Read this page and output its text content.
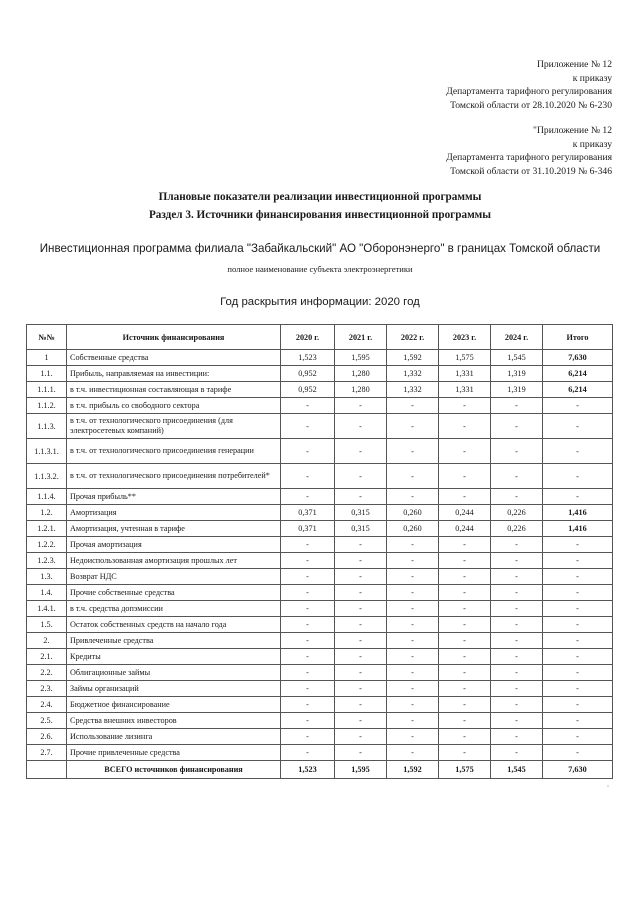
Приложение № 12
к приказу
Департамента тарифного регулирования
Томской области от 28.10.2020 № 6-230
"Приложение № 12
к приказу
Департамента тарифного регулирования
Томской области от 31.10.2019 № 6-346
Плановые показатели реализации инвестиционной программы
Раздел 3. Источники финансирования инвестиционной программы
Инвестиционная программа филиала "Забайкальский" АО "Оборонэнерго" в границах Томской области
полное наименование субъекта электроэнергетики
Год раскрытия информации: 2020 год
№№	Источник финансирования	2020 г.	2021 г.	2022 г.	2023 г.	2024 г.	Итого
1	Собственные средства	1,523	1,595	1,592	1,575	1,545	7,630
1.1.	Прибыль, направляемая на инвестиции:	0,952	1,280	1,332	1,331	1,319	6,214
1.1.1.	в т.ч. инвестиционная составляющая в тарифе	0,952	1,280	1,332	1,331	1,319	6,214
1.1.2.	в т.ч. прибыль со свободного сектора	-	-	-	-	-	-
1.1.3.	в т.ч. от технологического присоединения (для электросетевых компаний)	-	-	-	-	-	-
1.1.3.1.	в т.ч. от технологического присоединения генерации	-	-	-	-	-	-
1.1.3.2.	в т.ч. от технологического присоединения потребителей*	-	-	-	-	-	-
1.1.4.	Прочая прибыль**	-	-	-	-	-	-
1.2.	Амортизация	0,371	0,315	0,260	0,244	0,226	1,416
1.2.1.	Амортизация, учтенная в тарифе	0,371	0,315	0,260	0,244	0,226	1,416
1.2.2.	Прочая амортизация	-	-	-	-	-	-
1.2.3.	Недоиспользованная амортизация прошлых лет	-	-	-	-	-	-
1.3.	Возврат НДС	-	-	-	-	-	-
1.4.	Прочие собственные средства	-	-	-	-	-	-
1.4.1.	в т.ч. средства допэмиссии	-	-	-	-	-	-
1.5.	Остаток собственных средств на начало года	-	-	-	-	-	-
2.	Привлеченные средства	-	-	-	-	-	-
2.1.	Кредиты	-	-	-	-	-	-
2.2.	Облигационные займы	-	-	-	-	-	-
2.3.	Займы организаций	-	-	-	-	-	-
2.4.	Бюджетное финансирование	-	-	-	-	-	-
2.5.	Средства внешних инвесторов	-	-	-	-	-	-
2.6.	Использование лизинга	-	-	-	-	-	-
2.7.	Прочие привлеченные средства	-	-	-	-	-	-
	ВСЕГО источников финансирования	1,523	1,595	1,592	1,575	1,545	7,630
"
